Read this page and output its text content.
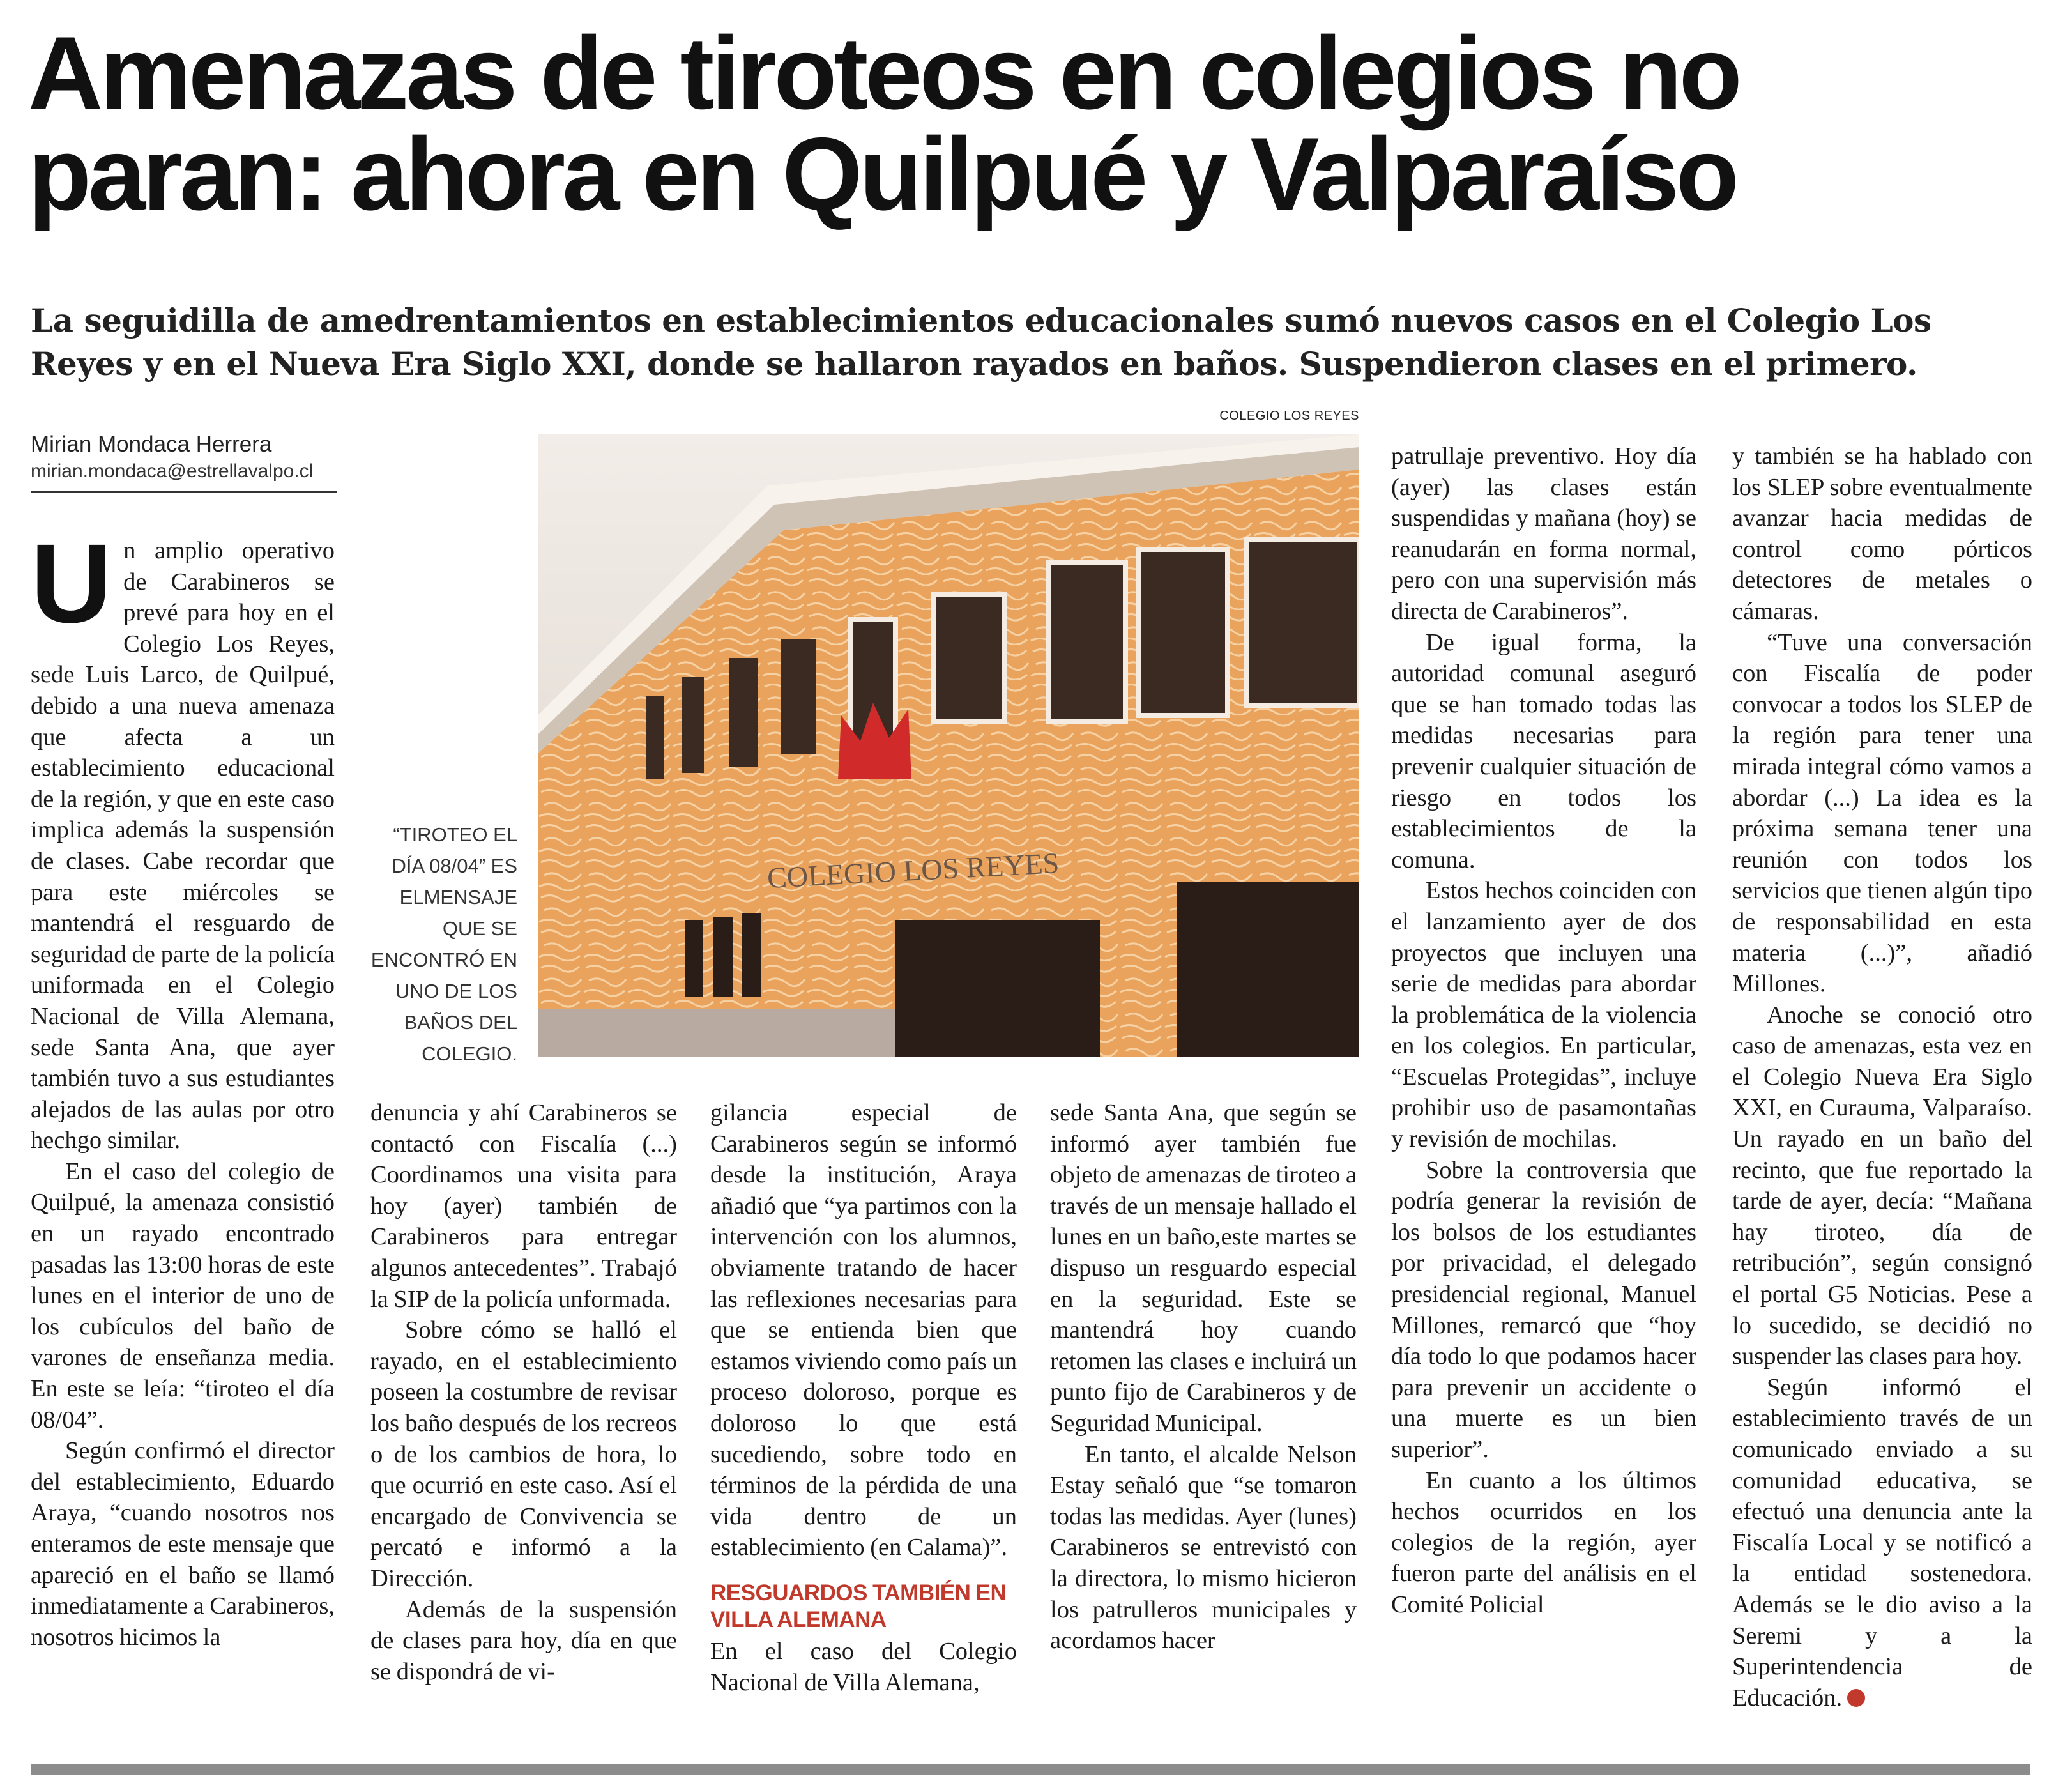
Amenazas de tiroteos en colegios no paran: ahora en Quilpué y Valparaíso

La seguidilla de amedrentamientos en establecimientos educacionales sumó nuevos casos en el Colegio Los Reyes y en el Nueva Era Siglo XXI, donde se hallaron rayados en baños. Suspendieron clases en el primero.

Mirian Mondaca Herrera
mirian.mondaca@estrellavalpo.cl
COLEGIO LOS REYES
COLEGIO LOS REYES
“TIROTEO EL DÍA 08/04” ES ELMENSAJE QUE SE ENCONTRÓ EN UNO DE LOS BAÑOS DEL COLEGIO.

Un amplio operativo de Carabineros se prevé para hoy en el Colegio Los Reyes, sede Luis Larco, de Quilpué, debido a una nueva amenaza que afecta a un establecimiento educacional de la región, y que en este caso implica además la suspensión de clases. Cabe recordar que para este miércoles se mantendrá el resguardo de seguridad de parte de la policía uniformada en el Colegio Nacional de Villa Alemana, sede Santa Ana, que ayer también tuvo a sus estudiantes alejados de las aulas por otro hechgo similar.

En el caso del colegio de Quilpué, la amenaza consistió en un rayado encontrado pasadas las 13:00 horas de este lunes en el interior de uno de los cubículos del baño de varones de enseñanza media. En este se leía: “tiroteo el día 08/04”.

Según confirmó el director del establecimiento, Eduardo Araya, “cuando nosotros nos enteramos de este mensaje que apareció en el baño se llamó inmediatamente a Carabineros, nosotros hicimos la

denuncia y ahí Carabineros se contactó con Fiscalía (...) Coordinamos una visita para hoy (ayer) también de Carabineros para entregar algunos antecedentes”. Trabajó la SIP de la policía unformada.

Sobre cómo se halló el rayado, en el establecimiento poseen la costumbre de revisar los baño después de los recreos o de los cambios de hora, lo que ocurrió en este caso. Así el encargado de Convivencia se percató e informó a la Dirección.

Además de la suspensión de clases para hoy, día en que se dispondrá de vi-

gilancia especial de Carabineros según se informó desde la institución, Araya añadió que “ya partimos con la intervención con los alumnos, obviamente tratando de hacer las reflexiones necesarias para que se entienda bien que estamos viviendo como país un proceso doloroso, porque es doloroso lo que está sucediendo, sobre todo en términos de la pérdida de una vida dentro de un establecimiento (en Calama)”.

RESGUARDOS TAMBIÉN EN VILLA ALEMANA

En el caso del Colegio Nacional de Villa Alemana,

sede Santa Ana, que según se informó ayer también fue objeto de amenazas de tiroteo a través de un mensaje hallado el lunes en un baño,este martes se dispuso un resguardo especial en la seguridad. Este se mantendrá hoy cuando retomen las clases e incluirá un punto fijo de Carabineros y de Seguridad Municipal.

En tanto, el alcalde Nelson Estay señaló que “se tomaron todas las medidas. Ayer (lunes) Carabineros se entrevistó con la directora, lo mismo hicieron los patrulleros municipales y acordamos hacer

patrullaje preventivo. Hoy día (ayer) las clases están suspendidas y mañana (hoy) se reanudarán en forma normal, pero con una supervisión más directa de Carabineros”.

De igual forma, la autoridad comunal aseguró que se han tomado todas las medidas necesarias para prevenir cualquier situación de riesgo en todos los establecimientos de la comuna.

Estos hechos coinciden con el lanzamiento ayer de dos proyectos que incluyen una serie de medidas para abordar la problemática de la violencia en los colegios. En particular, “Escuelas Protegidas”, incluye prohibir uso de pasamontañas y revisión de mochilas.

Sobre la controversia que podría generar la revisión de los bolsos de los estudiantes por privacidad, el delegado presidencial regional, Manuel Millones, remarcó que “hoy día todo lo que podamos hacer para prevenir un accidente o una muerte es un bien superior”.

En cuanto a los últimos hechos ocurridos en los colegios de la región, ayer fueron parte del análisis en el Comité Policial

y también se ha hablado con los SLEP sobre eventualmente avanzar hacia medidas de control como pórticos detectores de metales o cámaras.

“Tuve una conversación con Fiscalía de poder convocar a todos los SLEP de la región para tener una mirada integral cómo vamos a abordar (...) La idea es la próxima semana tener una reunión con todos los servicios que tienen algún tipo de responsabilidad en esta materia (...)”, añadió Millones.

Anoche se conoció otro caso de amenazas, esta vez en el Colegio Nueva Era Siglo XXI, en Curauma, Valparaíso. Un rayado en un baño del recinto, que fue reportado la tarde de ayer, decía: “Mañana hay tiroteo, día de retribución”, según consignó el portal G5 Noticias. Pese a lo sucedido, se decidió no suspender las clases para hoy.

Según informó el establecimiento través de un comunicado enviado a su comunidad educativa, se efectuó una denuncia ante la Fiscalía Local y se notificó a la entidad sostenedora. Además se le dio aviso a la Seremi y a la Superintendencia de Educación.
